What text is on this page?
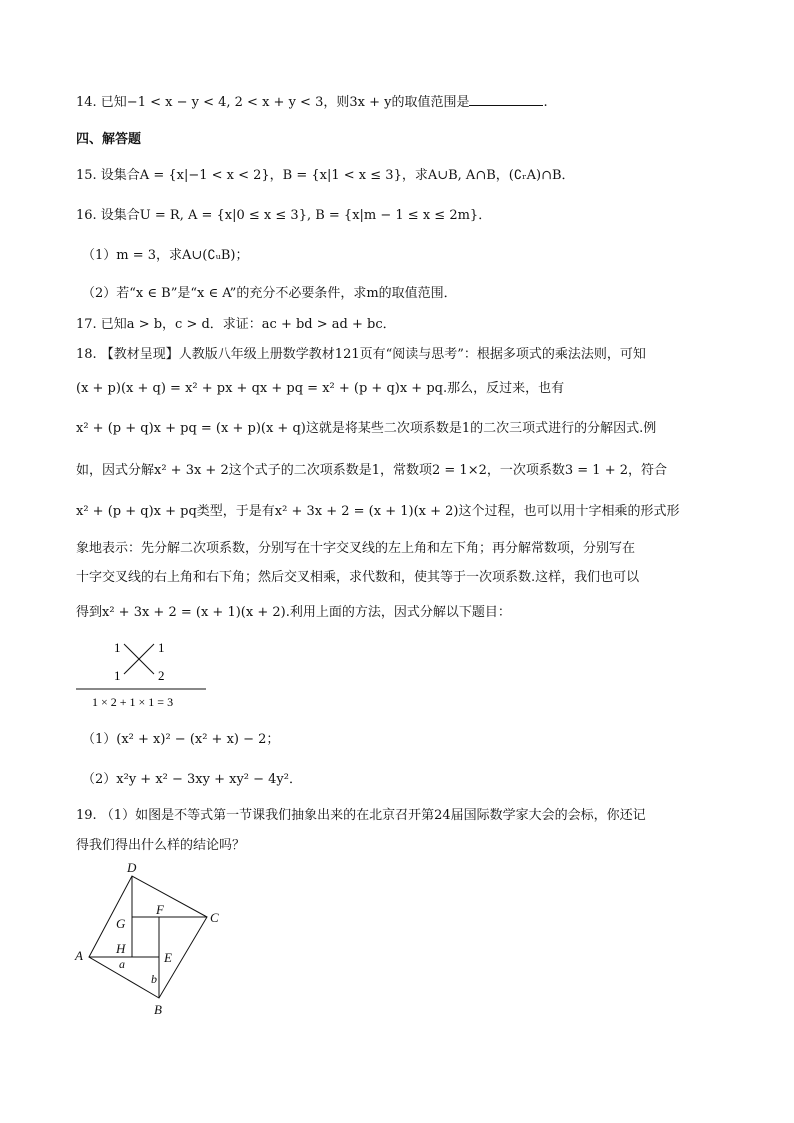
14. 已知−1 < x − y < 4, 2 < x + y < 3，则3x + y的取值范围是	.
四、解答题
15. 设集合A = {x|−1 < x < 2}，B = {x|1 < x ≤ 3}，求A∪B, A∩B，(∁ᵣA)∩B．
16. 设集合U = R, A = {x|0 ≤ x ≤ 3}, B = {x|m − 1 ≤ x ≤ 2m}．
（1）m = 3，求A∪(∁ᵤB)；
（2）若“x ∈ B”是“x ∈ A”的充分不必要条件，求m的取值范围．
17. 已知a > b，c > d．求证：ac + bd > ad + bc．
18. 【教材呈现】人教版八年级上册数学教材121页有“阅读与思考”：根据多项式的乘法法则，可知
(x + p)(x + q) = x² + px + qx + pq = x² + (p + q)x + pq.那么，反过来，也有
x² + (p + q)x + pq = (x + p)(x + q)这就是将某些二次项系数是1的二次三项式进行的分解因式.例
如，因式分解x² + 3x + 2这个式子的二次项系数是1，常数项2 = 1×2，一次项系数3 = 1 + 2，符合
x² + (p + q)x + pq类型，于是有x² + 3x + 2 = (x + 1)(x + 2)这个过程，也可以用十字相乘的形式形
象地表示：先分解二次项系数，分别写在十字交叉线的左上角和左下角；再分解常数项，分别写在
十字交叉线的右上角和右下角；然后交叉相乘，求代数和，使其等于一次项系数.这样，我们也可以
得到x² + 3x + 2 = (x + 1)(x + 2).利用上面的方法，因式分解以下题目：
1	1
1	2
1 × 2 + 1 × 1 = 3
（1）(x² + x)² − (x² + x) − 2；
（2）x²y + x² − 3xy + xy² − 4y²．
19. （1）如图是不等式第一节课我们抽象出来的在北京召开第24届国际数学家大会的会标，你还记
得我们得出什么样的结论吗？
D
C
A
B
G
F
H
E
a
b
